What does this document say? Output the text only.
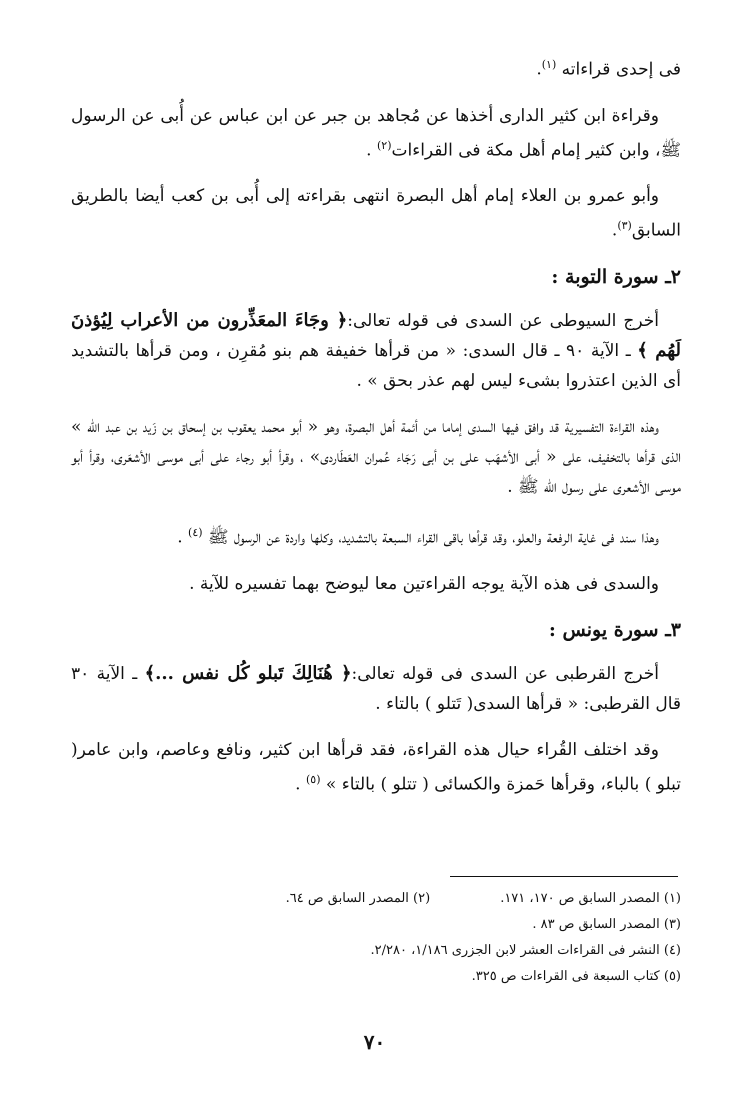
فى إحدى قراءاته $^{(١)}$.

وقراءة ابن كثير الدارى أخذها عن مُجاهد بن جبر عن ابن عباس عن أُبى عن الرسول ﷺ، وابن كثير إمام أهل مكة فى القراءات$^{(٢)}$ .

وأبو عمرو بن العلاء إمام أهل البصرة انتهى بقراءته إلى أُبى بن كعب أيضا بالطريق السابق$^{(٣)}$.

٢ـ سورة التوبة :

أخرج السيوطى عن السدى فى قوله تعالى:﴿ وجَاءَ المعَذِّرون من الأعراب لِيُؤذنَ لَهُم ﴾ ـ الآية ٩٠ ـ قال السدى: « من قرأها خفيفة هم بنو مُقرِن ، ومن قرأها بالتشديد أى الذين اعتذروا بشىء ليس لهم عذر بحق » .

وهذه القراءة التفسيرية قد وافق فيها السدى إماما من أئمة أهل البصرة، وهو « أبو محمد يعقوب بن إسحاق بن زَيد بن عبد الله » الذى قرأها بالتخفيف، على « أبى الأشهَب على بن أبى رَجَاء عُمران العَطَاردى» ، وقرأ أبو رجاء على أبى موسى الأشعَرى، وقرأ أبو موسى الأشعرى على رسول الله ﷺ .

وهذا سند فى غاية الرفعة والعلو، وقد قرأها باقى القراء السبعة بالتشديد، وكلها واردة عن الرسول ﷺ $^{(٤)}$ .

والسدى فى هذه الآية يوجه القراءتين معا ليوضح بهما تفسيره للآية .

٣ـ سورة يونس :

أخرج القرطبى عن السدى فى قوله تعالى:﴿ هُنَالِكَ تَبلو كُل نفس ...﴾ ـ الآية ٣٠ قال القرطبى: « قرأها السدى( تَتلو ) بالتاء .

وقد اختلف القُراء حيال هذه القراءة، فقد قرأها ابن كثير، ونافع وعاصم، وابن عامر( تبلو ) بالباء، وقرأها حَمزة والكسائى ( تتلو ) بالتاء » $^{(٥)}$ .

(١) المصدر السابق ص ١٧٠، ١٧١.
(٢) المصدر السابق ص ٦٤.
(٣) المصدر السابق ص ٨٣ .
(٤) النشر فى القراءات العشر لابن الجزرى ١/١٨٦، ٢/٢٨٠.
(٥) كتاب السبعة فى القراءات ص ٣٢٥.
٧٠
